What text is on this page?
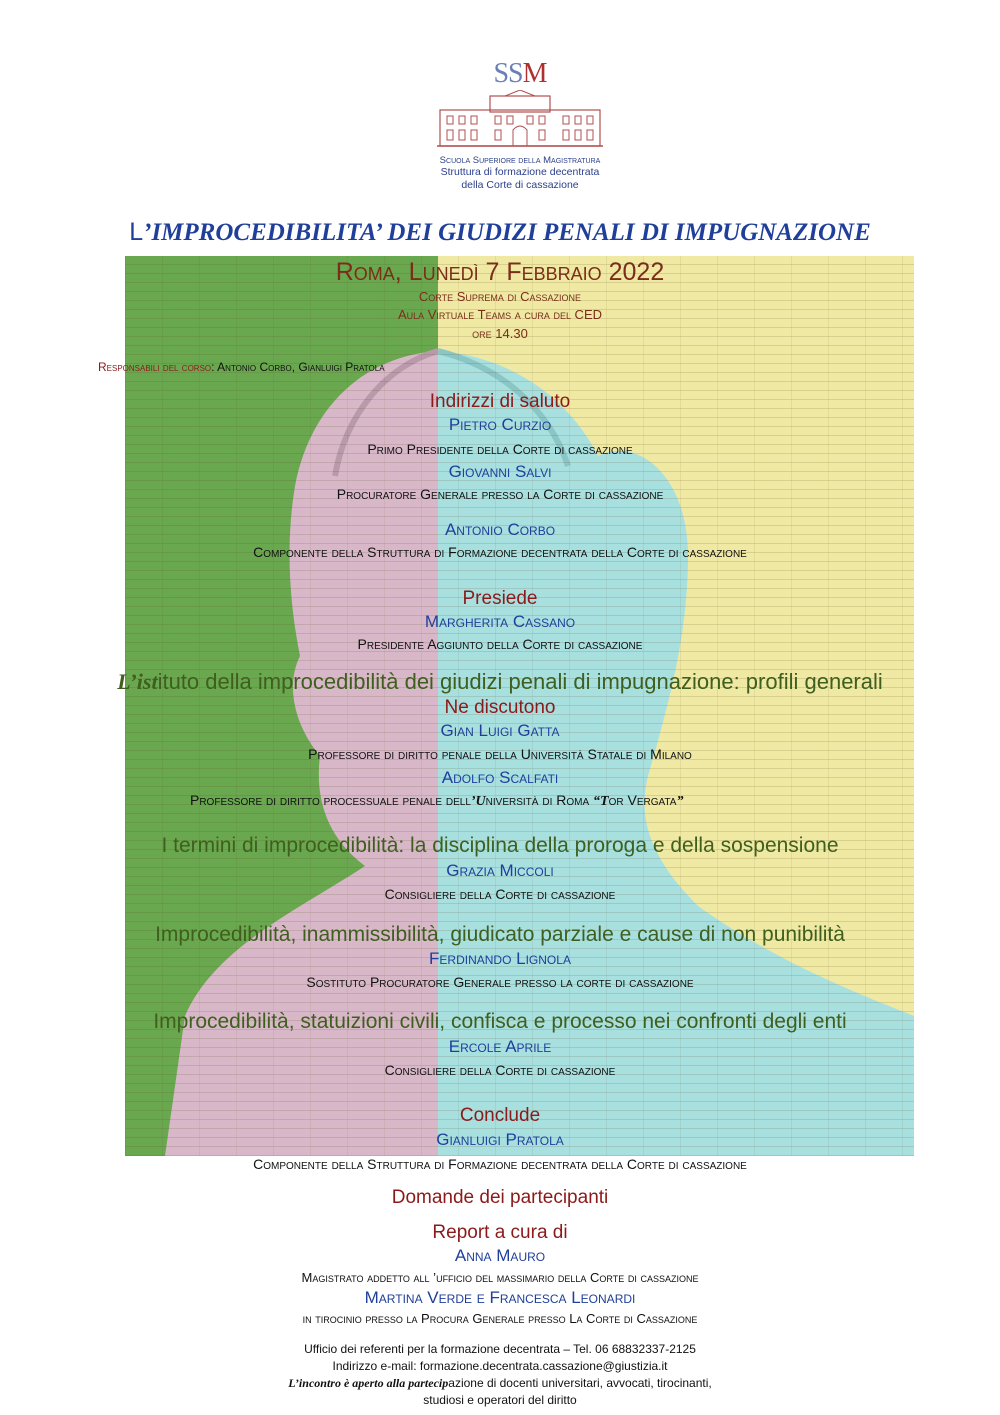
SSM
Scuola Superiore della Magistratura
Struttura di formazione decentrata
della Corte di cassazione
L’IMPROCEDIBILITA’ DEI GIUDIZI PENALI DI IMPUGNAZIONE
Roma, Lunedì 7 Febbraio 2022
Corte Suprema di Cassazione
Aula Virtuale Teams a cura del CED
ore 14.30
Responsabili del corso: Antonio Corbo, Gianluigi Pratola
Indirizzi di saluto
Pietro Curzio
Primo Presidente della Corte di cassazione
Giovanni Salvi
Procuratore Generale presso la Corte di cassazione
Antonio Corbo
Componente della Struttura di Formazione decentrata della Corte di cassazione
Presiede
Margherita Cassano
Presidente Aggiunto della Corte di cassazione
L’istituto della improcedibilità dei giudizi penali di impugnazione: profili generali
Ne discutono
Gian Luigi Gatta
Professore di diritto penale della Università Statale di Milano
Adolfo Scalfati
Professore di diritto processuale penale dell’Università di Roma “Tor Vergata”
I termini di improcedibilità: la disciplina della proroga e della sospensione
Grazia Miccoli
Consigliere della Corte di cassazione
Improcedibilità, inammissibilità, giudicato parziale e cause di non punibilità
Ferdinando Lignola
Sostituto Procuratore Generale presso la corte di cassazione
Improcedibilità, statuizioni civili, confisca e processo nei confronti degli enti
Ercole Aprile
Consigliere della Corte di cassazione
Conclude
Gianluigi Pratola
Componente della Struttura di Formazione decentrata della Corte di cassazione
Domande dei partecipanti
Report a cura di
Anna Mauro
Magistrato addetto all ’ufficio del massimario della Corte di cassazione
Martina Verde e Francesca Leonardi
in tirocinio presso la Procura Generale presso La Corte di Cassazione
Ufficio dei referenti per la formazione decentrata – Tel. 06 68832337-2125
Indirizzo e-mail: formazione.decentrata.cassazione@giustizia.it
L’incontro è aperto alla partecipazione di docenti universitari, avvocati, tirocinanti,
studiosi e operatori del diritto
